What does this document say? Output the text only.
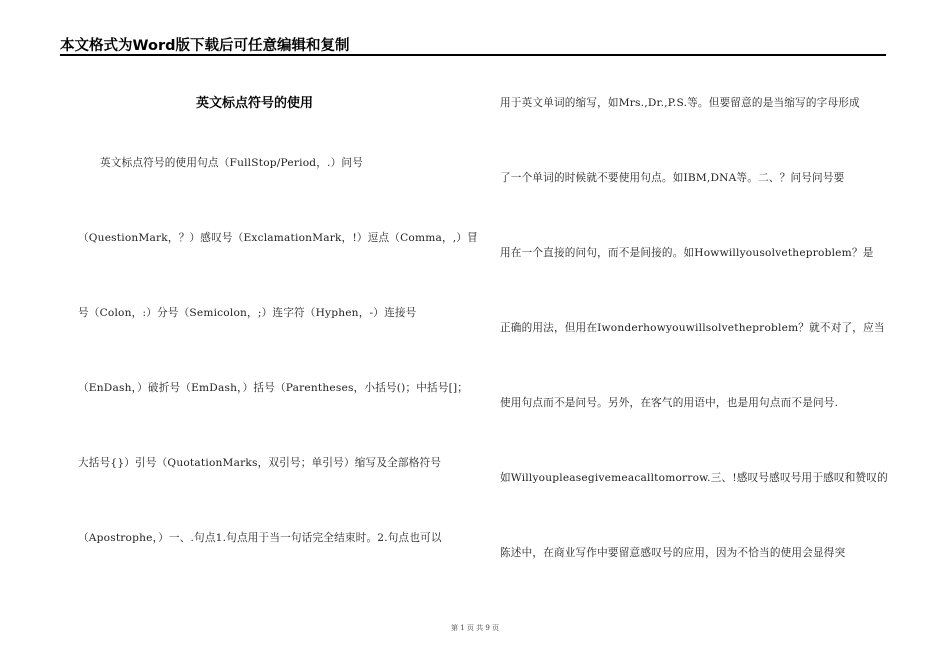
本文格式为Word版下载后可任意编辑和复制
英文标点符号的使用
英文标点符号的使用句点（FullStop/Period，.）问号
（QuestionMark，？）感叹号（ExclamationMark，!）逗点（Comma，,）冒
号（Colon，:）分号（Semicolon，;）连字符（Hyphen，-）连接号
（EnDash，）破折号（EmDash，）括号（Parentheses，小括号()；中括号[]；
大括号{}）引号（QuotationMarks，双引号；单引号）缩写及全部格符号
（Apostrophe，）一、.句点1.句点用于当一句话完全结束时。2.句点也可以
用于英文单词的缩写，如Mrs.,Dr.,P.S.等。但要留意的是当缩写的字母形成
了一个单词的时候就不要使用句点。如IBM,DNA等。二、？问号问号要
用在一个直接的问句，而不是间接的。如Howwillyousolvetheproblem？是
正确的用法，但用在Iwonderhowyouwillsolvetheproblem？就不对了，应当
使用句点而不是问号。另外，在客气的用语中，也是用句点而不是问号.
如Willyoupleasegivemeacalltomorrow.三、!感叹号感叹号用于感叹和赞叹的
陈述中，在商业写作中要留意感叹号的应用，因为不恰当的使用会显得突
第 1 页 共 9 页
